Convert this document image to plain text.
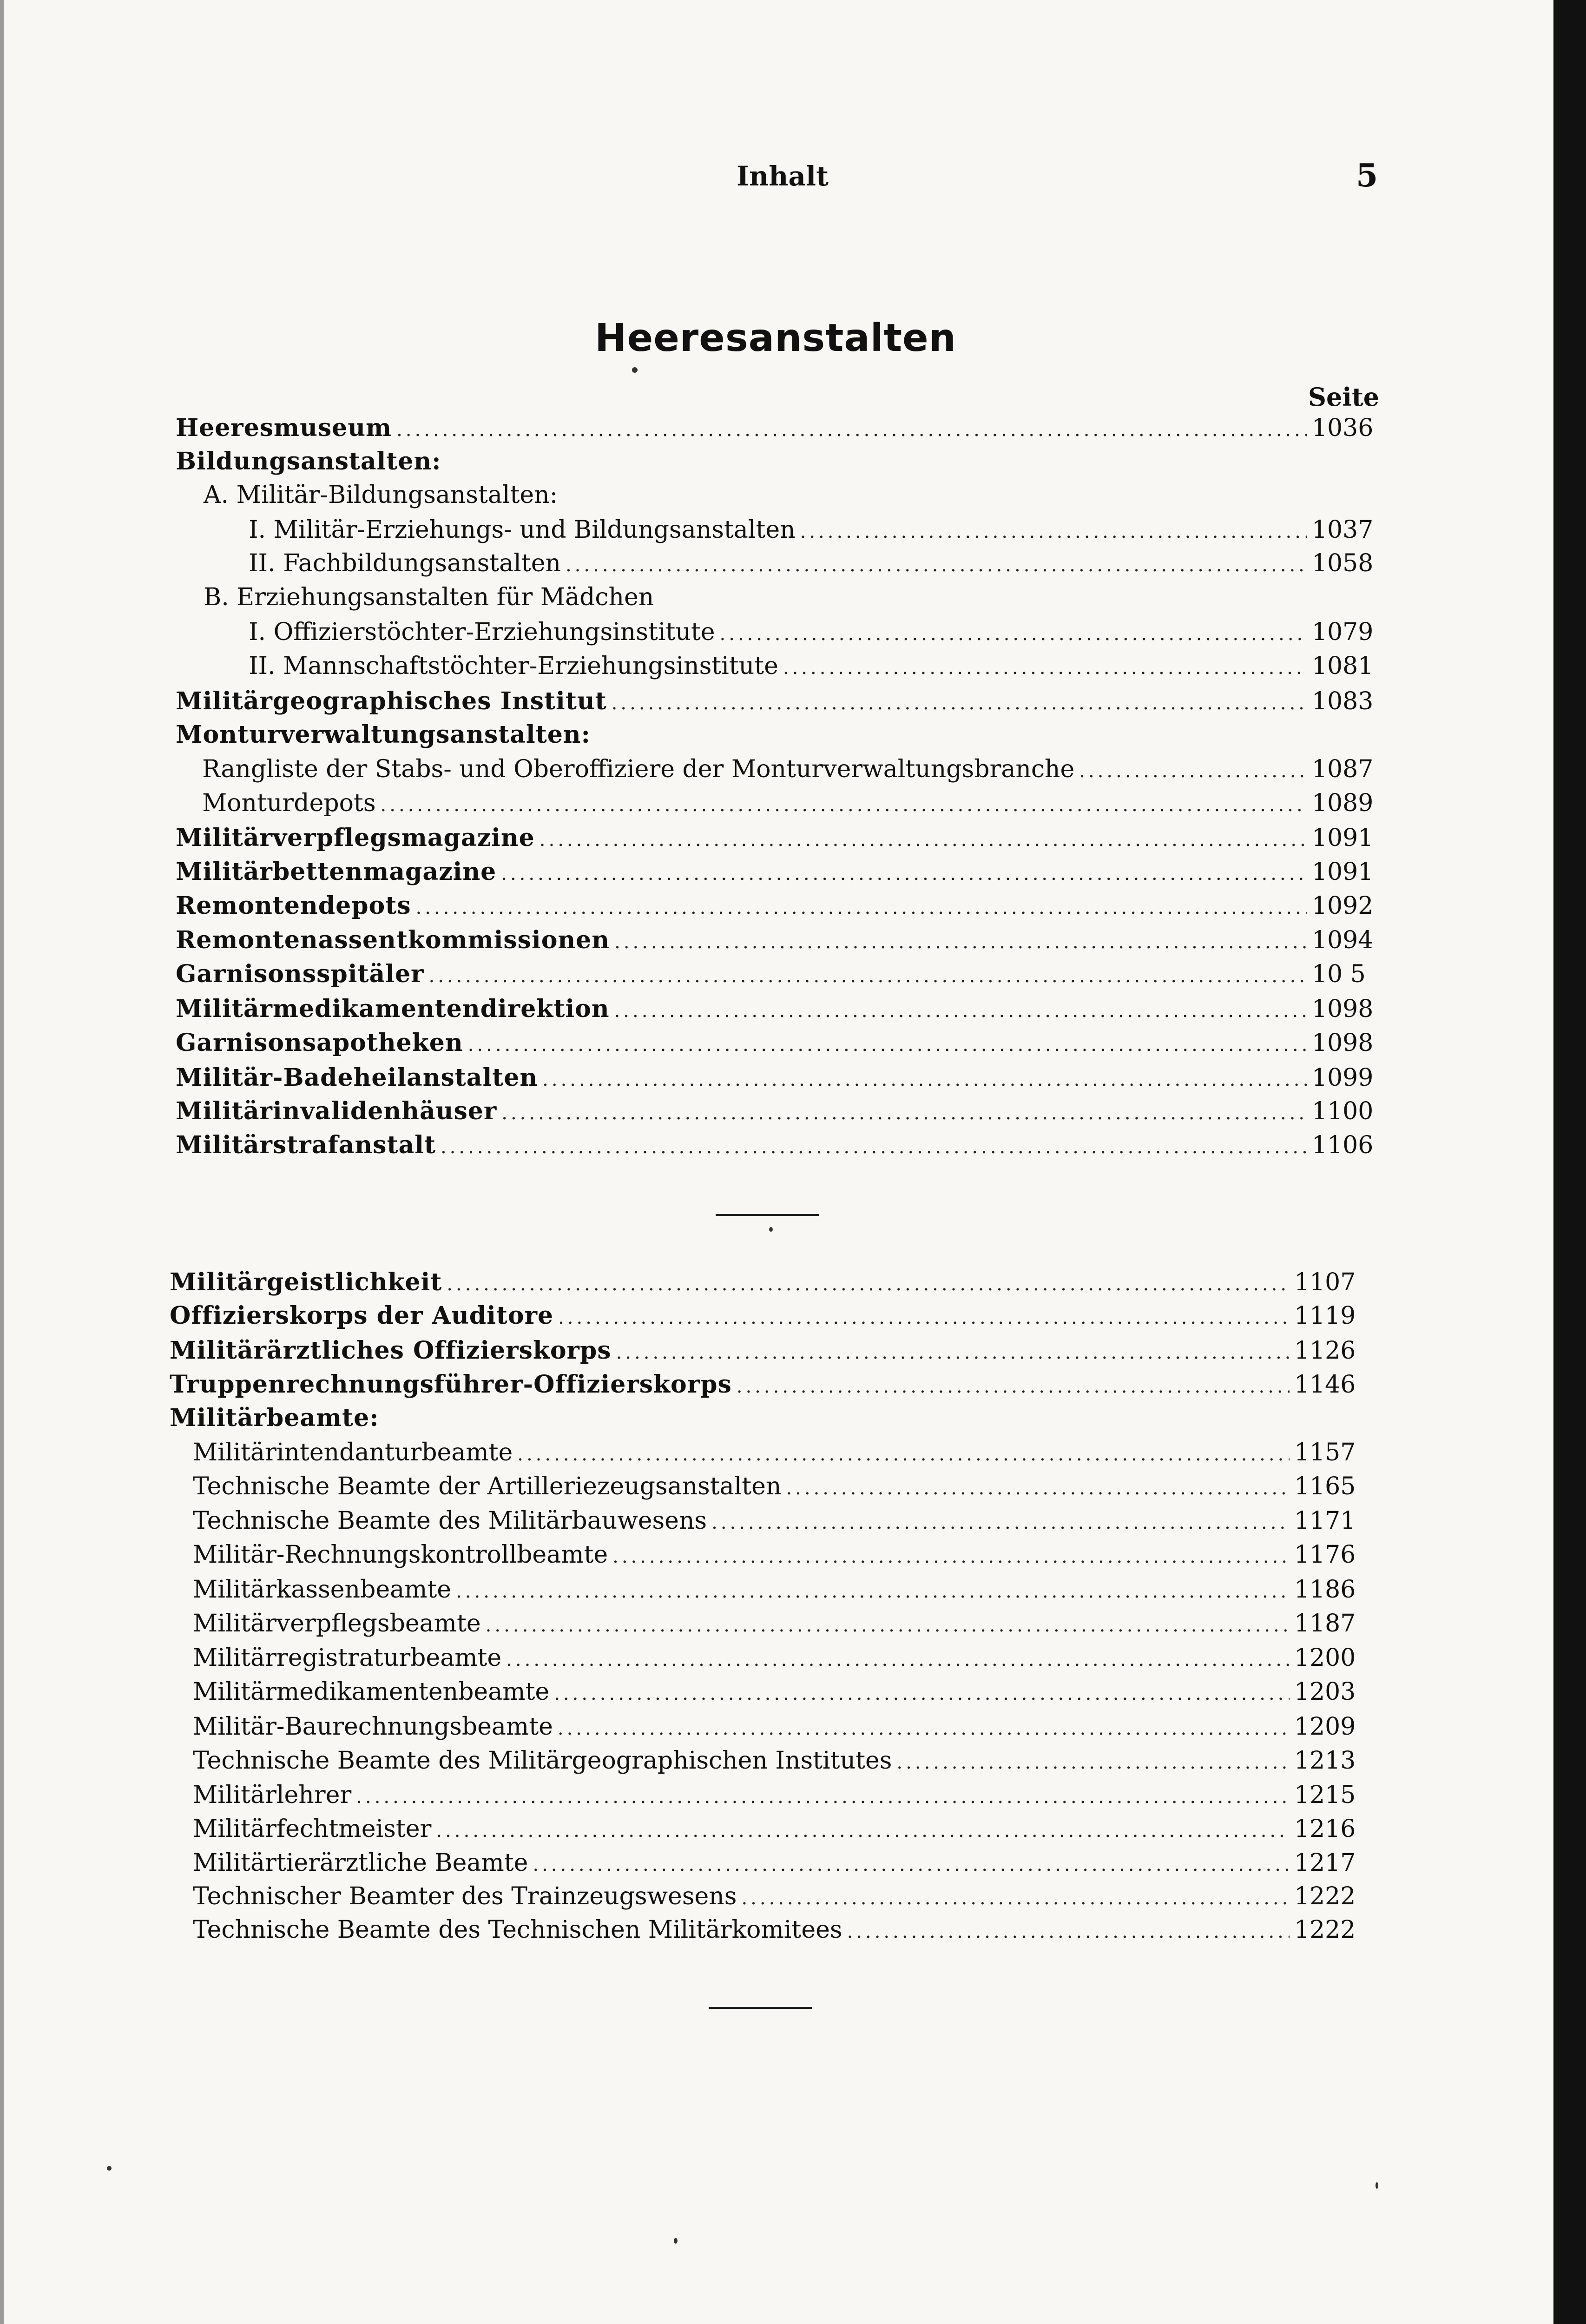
Inhalt	5
Heeresanstalten
Seite
Heeresmuseum .....	1036
Bildungsanstalten:
A. Militär-Bildungsanstalten:
I. Militär-Erziehungs- und Bildungsanstalten .....	1037
II. Fachbildungsanstalten .....	1058
B. Erziehungsanstalten für Mädchen
I. Offizierstöchter-Erziehungsinstitute .....	1079
II. Mannschaftstöchter-Erziehungsinstitute .....	1081
Militärgeographisches Institut .....	1083
Monturverwaltungsanstalten:
Rangliste der Stabs- und Oberoffiziere der Monturverwaltungsbranche .....	1087
Monturdepots .....	1089
Militärverpflegsmagazine .....	1091
Militärbettenmagazine .....	1091
Remontendepots .....	1092
Remontenassentkommissionen .....	1094
Garnisonsspitäler .....	10 5
Militärmedikamentendirektion .....	1098
Garnisonsapotheken .....	1098
Militär-Badeheilanstalten .....	1099
Militärinvalidenhäuser .....	1100
Militärstrafanstalt .....	1106
Militärgeistlichkeit .....	1107
Offizierskorps der Auditore .....	1119
Militärärztliches Offizierskorps .....	1126
Truppenrechnungsführer-Offizierskorps .....	1146
Militärbeamte:
Militärintendanturbeamte .....	1157
Technische Beamte der Artilleriezeugsanstalten .....	1165
Technische Beamte des Militärbauwesens .....	1171
Militär-Rechnungskontrollbeamte .....	1176
Militärkassenbeamte .....	1186
Militärverpflegsbeamte .....	1187
Militärregistraturbeamte .....	1200
Militärmedikamentenbeamte .....	1203
Militär-Baurechnungsbeamte .....	1209
Technische Beamte des Militärgeographischen Institutes .....	1213
Militärlehrer .....	1215
Militärfechtmeister .....	1216
Militärtierärztliche Beamte .....	1217
Technischer Beamter des Trainzeugswesens .....	1222
Technische Beamte des Technischen Militärkomitees .....	1222
